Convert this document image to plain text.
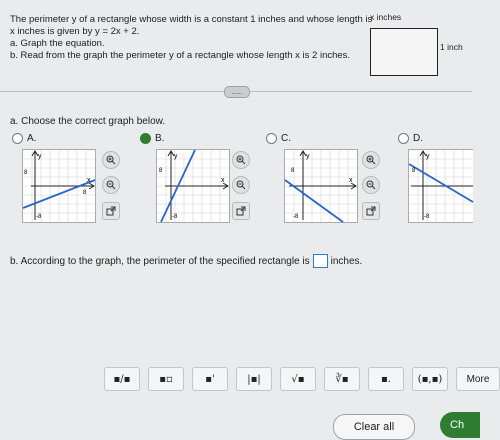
The perimeter y of a rectangle whose width is a constant 1 inches and whose length is
x inches is given by y = 2x + 2.
a. Graph the equation.
b. Read from the graph the perimeter y of a rectangle whose length x is 2 inches.
x inches
1 inch
.....
a. Choose the correct graph below.
A.	B.	C.	D.
y
x
8
8
-8
y
x
8
-8
y
x
8
-8
y
8
-8
b. According to the graph, the perimeter of the specified rectangle is inches.
▪/▪	▪▫	▪'	|▪|	√▪	∛▪	▪.	(▪,▪)	More
Clear all	Ch
